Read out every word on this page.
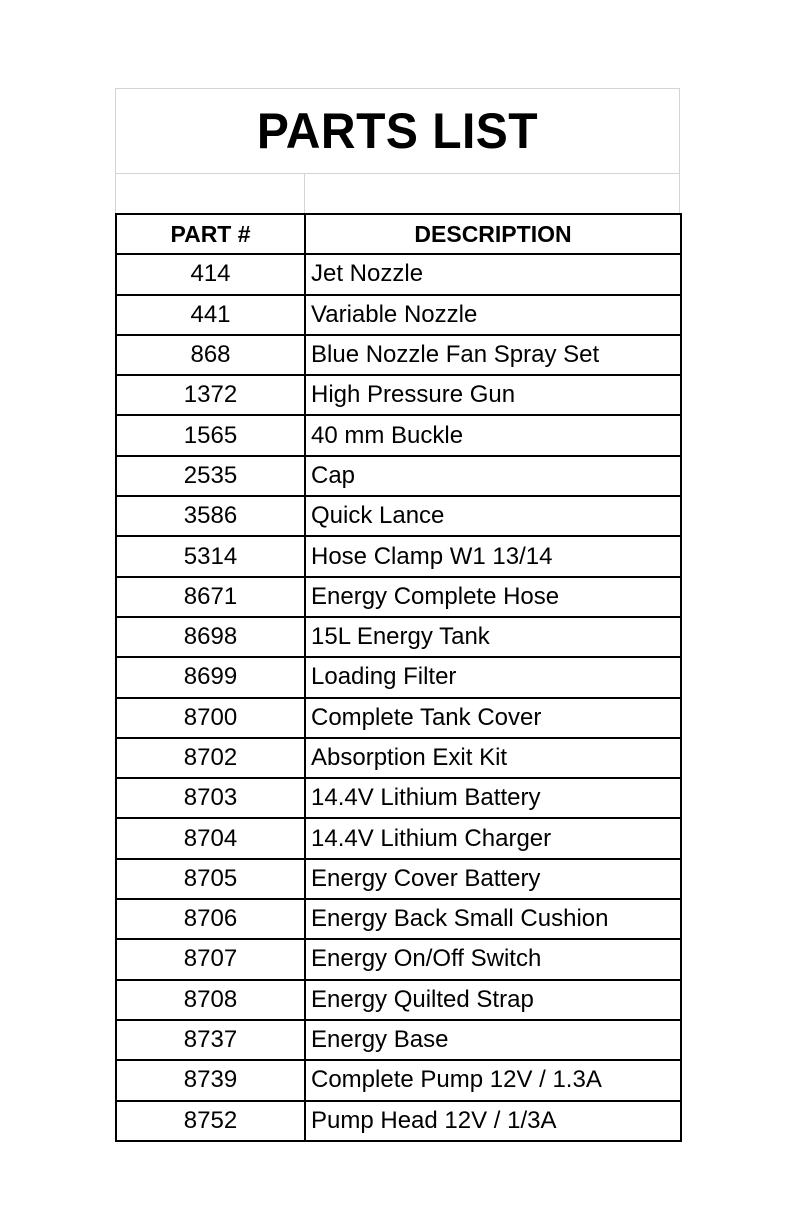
PARTS LIST
PART #	DESCRIPTION
414	Jet Nozzle
441	Variable Nozzle
868	Blue Nozzle Fan Spray Set
1372	High Pressure Gun
1565	40 mm Buckle
2535	Cap
3586	Quick Lance
5314	Hose Clamp W1 13/14
8671	Energy Complete Hose
8698	15L Energy Tank
8699	Loading Filter
8700	Complete Tank Cover
8702	Absorption Exit Kit
8703	14.4V Lithium Battery
8704	14.4V Lithium Charger
8705	Energy Cover Battery
8706	Energy Back Small Cushion
8707	Energy On/Off Switch
8708	Energy Quilted Strap
8737	Energy Base
8739	Complete Pump 12V / 1.3A
8752	Pump Head 12V / 1/3A
